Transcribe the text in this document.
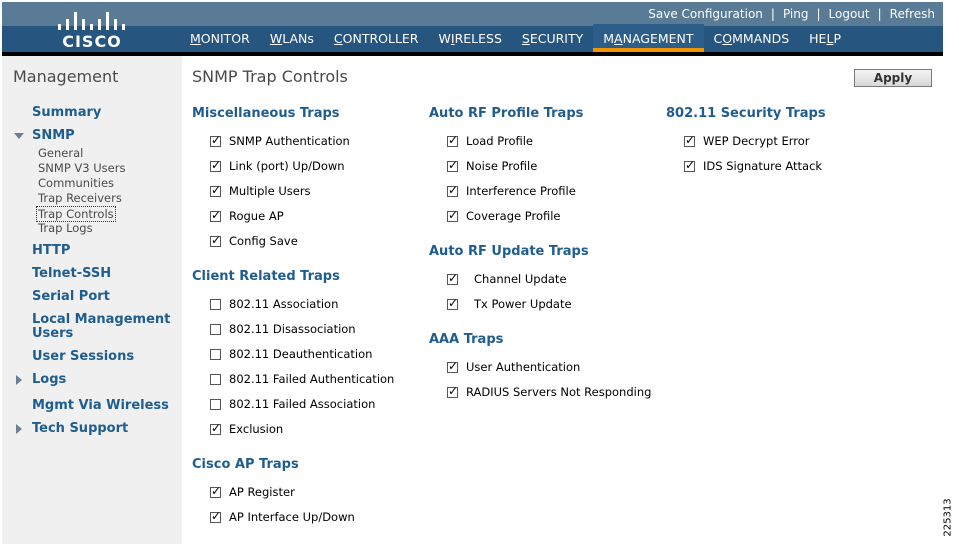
CISCO
Save Configuration | Ping | Logout | Refresh
MONITOR	WLANs	CONTROLLER	WIRELESS	SECURITY	MANAGEMENT	COMMANDS	HELP
Management
Summary
SNMP
General
SNMP V3 Users
Communities
Trap Receivers
Trap Controls
Trap Logs
HTTP
Telnet-SSH
Serial Port
Local Management
Users
User Sessions
Logs
Mgmt Via Wireless
Tech Support
SNMP Trap Controls	Apply
Miscellaneous Traps
✓
SNMP Authentication
✓
Link (port) Up/Down
✓
Multiple Users
✓
Rogue AP
✓
Config Save
Client Related Traps
802.11 Association
802.11 Disassociation
802.11 Deauthentication
802.11 Failed Authentication
802.11 Failed Association
✓
Exclusion
Cisco AP Traps
✓
AP Register
✓
AP Interface Up/Down
Auto RF Profile Traps
✓
Load Profile
✓
Noise Profile
✓
Interference Profile
✓
Coverage Profile
Auto RF Update Traps
✓
Channel Update
✓
Tx Power Update
AAA Traps
✓
User Authentication
✓
RADIUS Servers Not Responding
802.11 Security Traps
✓
WEP Decrypt Error
✓
IDS Signature Attack
225313
